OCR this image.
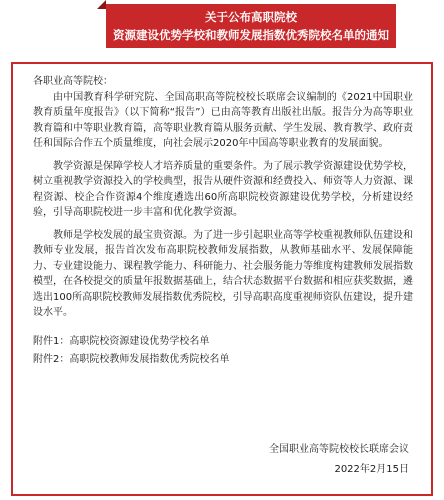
关于公布高职院校
资源建设优势学校和教师发展指数优秀院校名单的通知

各职业高等院校：

由中国教育科学研究院、全国高职高等院校校长联席会议编制的《2021中国职业教育质量年度报告》（以下简称“报告”）已由高等教育出版社出版。报告分为高等职业教育篇和中等职业教育篇，高等职业教育篇从服务贡献、学生发展、教育教学、政府责任和国际合作五个质量维度，向社会展示2020年中国高等职业教育的发展面貌。

教学资源是保障学校人才培养质量的重要条件。为了展示教学资源建设优势学校，树立重视教学资源投入的学校典型，报告从硬件资源和经费投入、师资等人力资源、课程资源、校企合作资源4个维度遴选出60所高职院校资源建设优势学校，分析建设经验，引导高职院校进一步丰富和优化教学资源。

教师是学校发展的最宝贵资源。为了进一步引起职业高等学校重视教师队伍建设和教师专业发展，报告首次发布高职院校教师发展指数，从教师基础水平、发展保障能力、专业建设能力、课程教学能力、科研能力、社会服务能力等维度构建教师发展指数模型，在各校提交的质量年报数据基础上，结合状态数据平台数据和相应获奖数据，遴选出100所高职院校教师发展指数优秀院校，引导高职高度重视师资队伍建设，提升建设水平。

附件1：高职院校资源建设优势学校名单

附件2：高职院校教师发展指数优秀院校名单

全国职业高等院校校长联席会议
2022年2月15日
